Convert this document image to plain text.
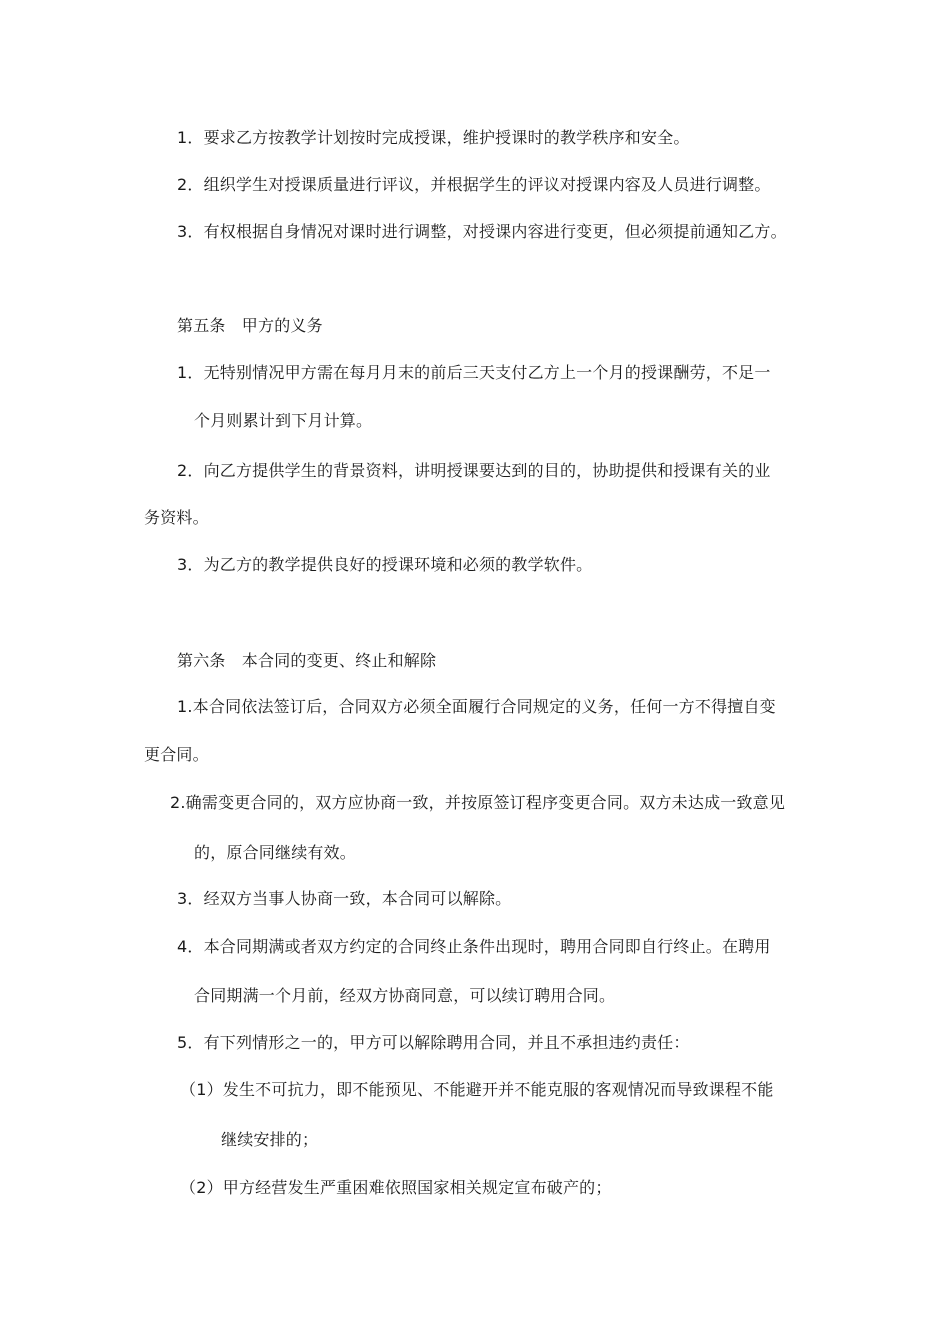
1．要求乙方按教学计划按时完成授课，维护授课时的教学秩序和安全。
2．组织学生对授课质量进行评议，并根据学生的评议对授课内容及人员进行调整。
3．有权根据自身情况对课时进行调整，对授课内容进行变更，但必须提前通知乙方。
第五条　甲方的义务
1．无特别情况甲方需在每月月末的前后三天支付乙方上一个月的授课酬劳，不足一
个月则累计到下月计算。
2．向乙方提供学生的背景资料，讲明授课要达到的目的，协助提供和授课有关的业
务资料。
3．为乙方的教学提供良好的授课环境和必须的教学软件。
第六条　本合同的变更、终止和解除
1.本合同依法签订后，合同双方必须全面履行合同规定的义务，任何一方不得擅自变
更合同。
2.确需变更合同的，双方应协商一致，并按原签订程序变更合同。双方未达成一致意见
的，原合同继续有效。
3．经双方当事人协商一致，本合同可以解除。
4．本合同期满或者双方约定的合同终止条件出现时，聘用合同即自行终止。在聘用
合同期满一个月前，经双方协商同意，可以续订聘用合同。
5．有下列情形之一的，甲方可以解除聘用合同，并且不承担违约责任：
（1）发生不可抗力，即不能预见、不能避开并不能克服的客观情况而导致课程不能
继续安排的；
（2）甲方经营发生严重困难依照国家相关规定宣布破产的；
